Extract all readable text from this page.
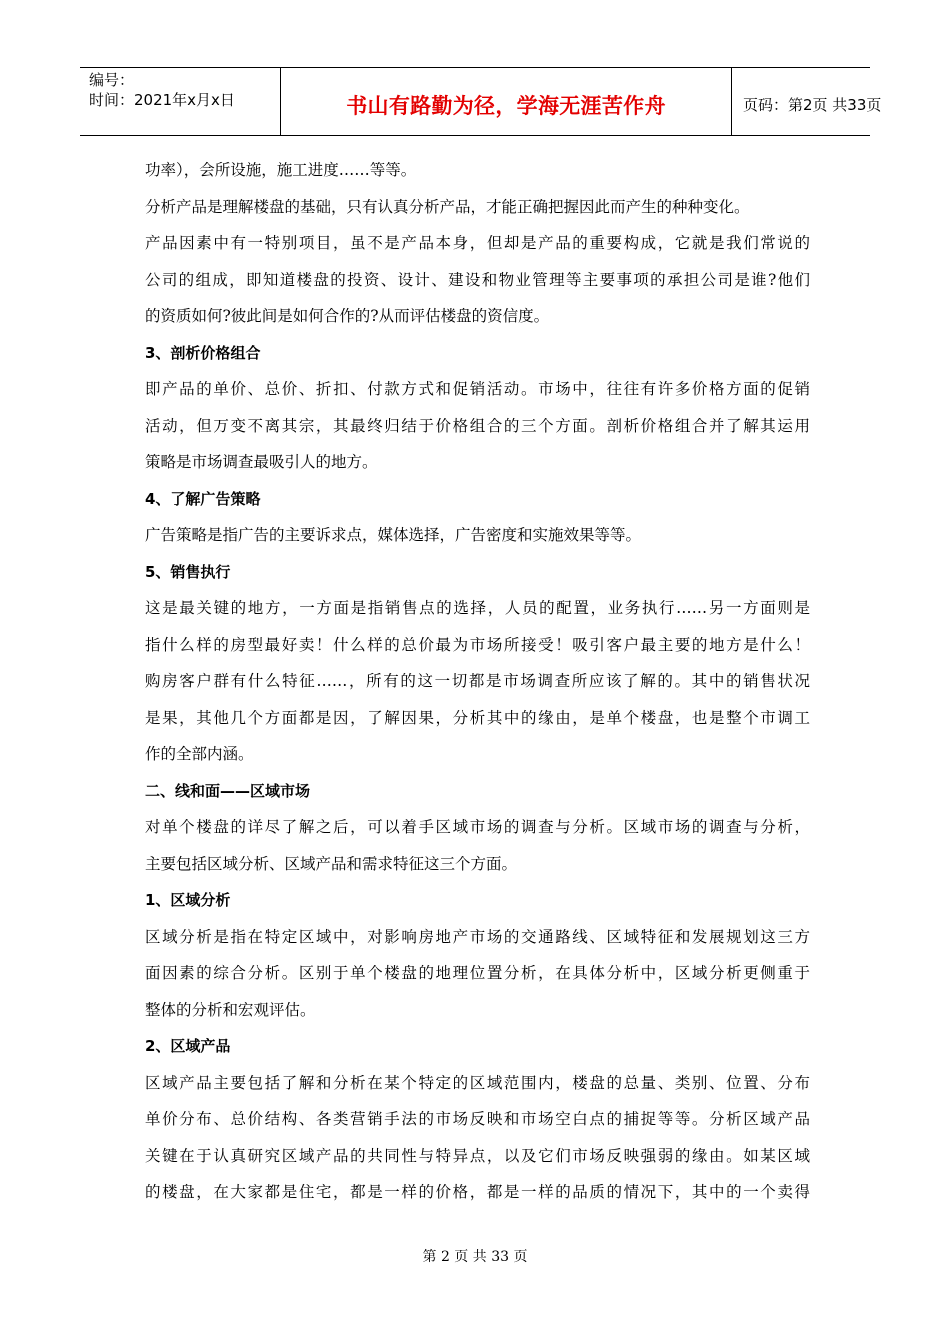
编号：
时间：2021年x月x日	书山有路勤为径，学海无涯苦作舟	页码：第2页 共33页

功率），会所设施，施工进度……等等。

分析产品是理解楼盘的基础，只有认真分析产品，才能正确把握因此而产生的种种变化。

产品因素中有一特别项目，虽不是产品本身，但却是产品的重要构成，它就是我们常说的

公司的组成，即知道楼盘的投资、设计、建设和物业管理等主要事项的承担公司是谁?他们

的资质如何?彼此间是如何合作的?从而评估楼盘的资信度。

3、剖析价格组合

即产品的单价、总价、折扣、付款方式和促销活动。市场中，往往有许多价格方面的促销

活动，但万变不离其宗，其最终归结于价格组合的三个方面。剖析价格组合并了解其运用

策略是市场调查最吸引人的地方。

4、了解广告策略

广告策略是指广告的主要诉求点，媒体选择，广告密度和实施效果等等。

5、销售执行

这是最关键的地方，一方面是指销售点的选择，人员的配置，业务执行……另一方面则是

指什么样的房型最好卖！什么样的总价最为市场所接受！吸引客户最主要的地方是什么！

购房客户群有什么特征……，所有的这一切都是市场调查所应该了解的。其中的销售状况

是果，其他几个方面都是因，了解因果，分析其中的缘由，是单个楼盘，也是整个市调工

作的全部内涵。

二、线和面——区域市场

对单个楼盘的详尽了解之后，可以着手区域市场的调查与分析。区域市场的调查与分析，

主要包括区域分析、区域产品和需求特征这三个方面。

1、区域分析

区域分析是指在特定区域中，对影响房地产市场的交通路线、区域特征和发展规划这三方

面因素的综合分析。区别于单个楼盘的地理位置分析，在具体分析中，区域分析更侧重于

整体的分析和宏观评估。

2、区域产品

区域产品主要包括了解和分析在某个特定的区域范围内，楼盘的总量、类别、位置、分布

单价分布、总价结构、各类营销手法的市场反映和市场空白点的捕捉等等。分析区域产品

关键在于认真研究区域产品的共同性与特异点，以及它们市场反映强弱的缘由。如某区域

的楼盘，在大家都是住宅，都是一样的价格，都是一样的品质的情况下，其中的一个卖得

第 2 页 共 33 页
